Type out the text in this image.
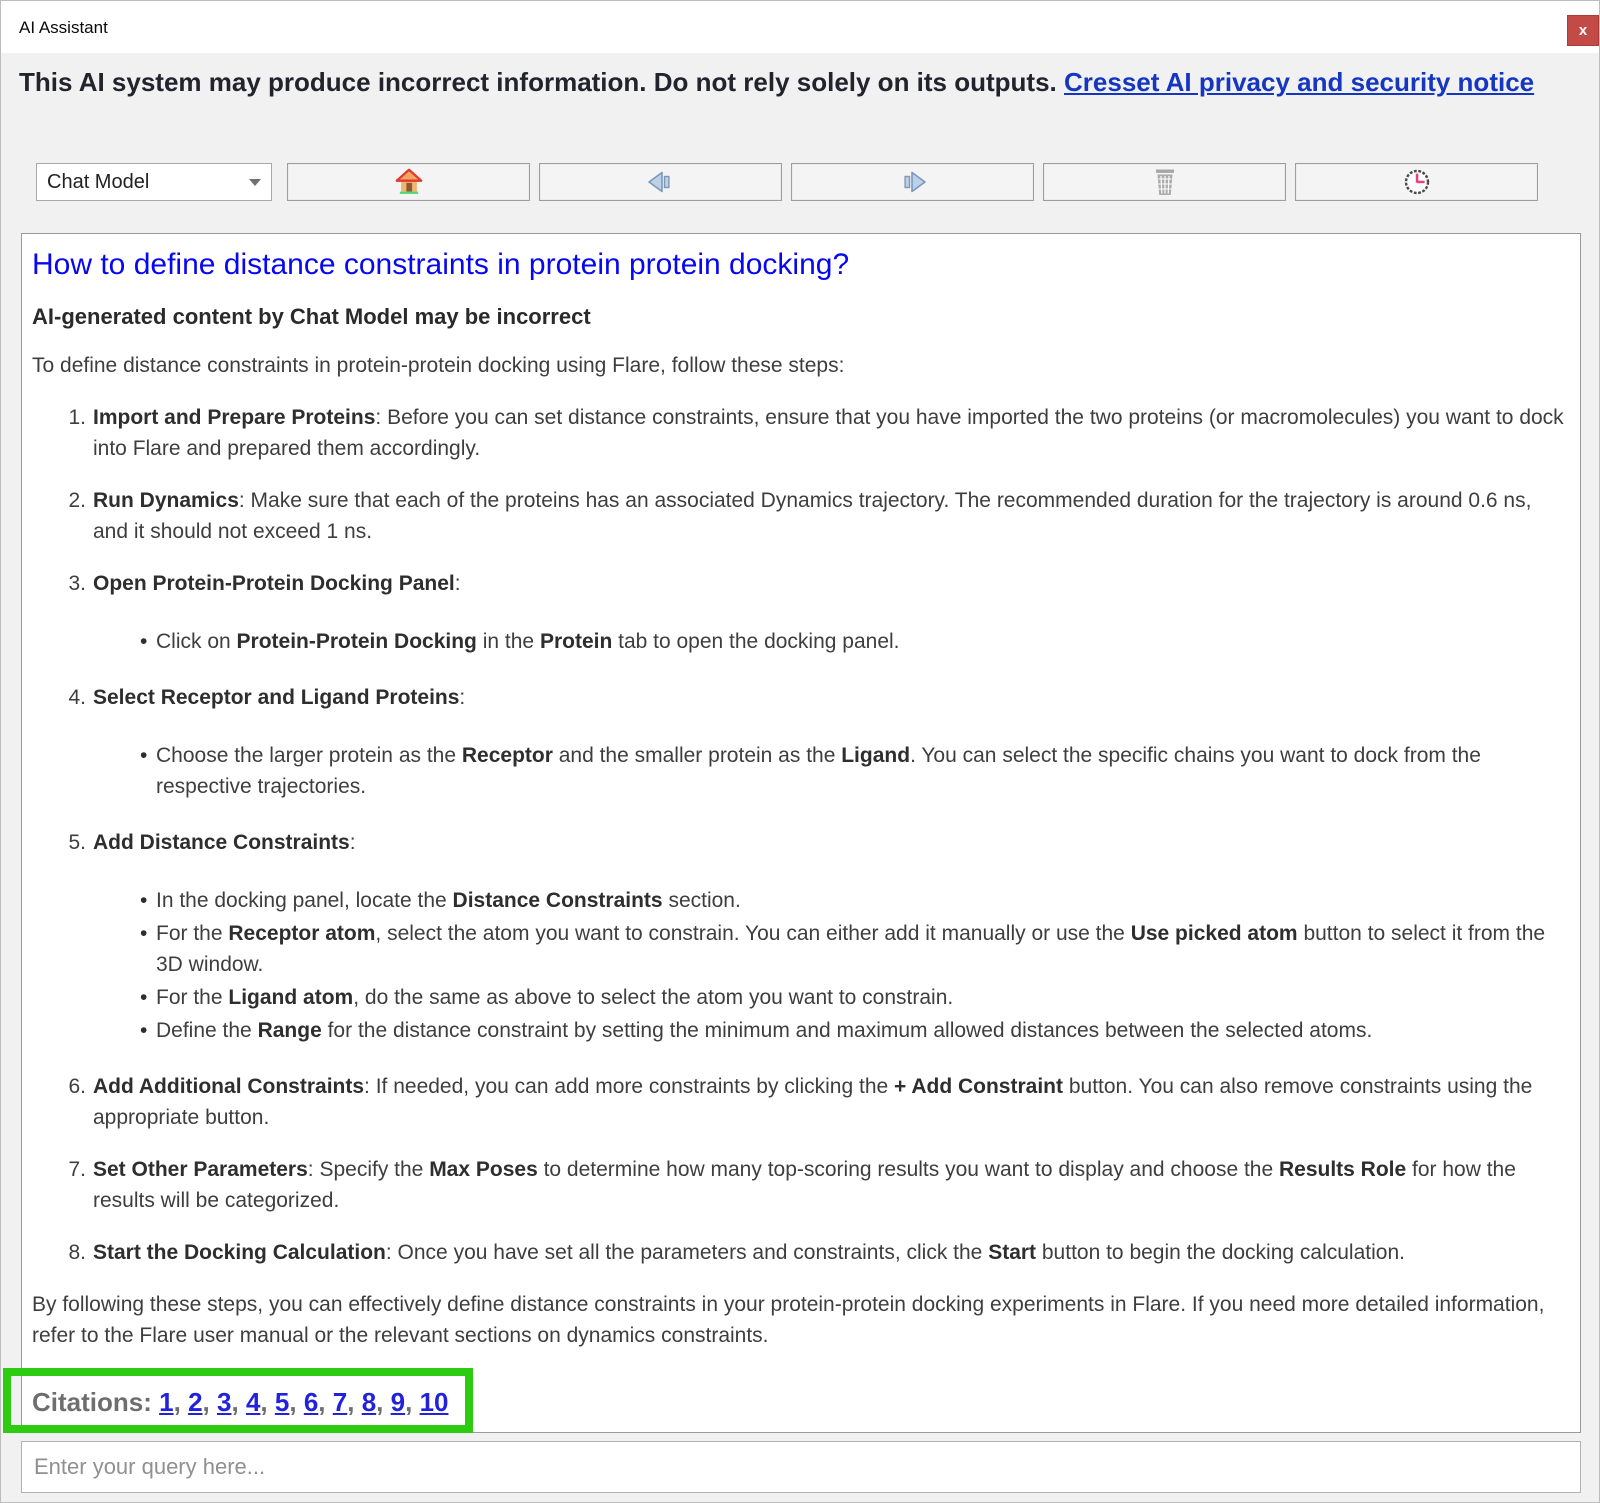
AI Assistant	x
This AI system may produce incorrect information. Do not rely solely on its outputs. Cresset AI privacy and security notice
Chat Model
How to define distance constraints in protein protein docking?
AI-generated content by Chat Model may be incorrect
To define distance constraints in protein-protein docking using Flare, follow these steps:
1. Import and Prepare Proteins: Before you can set distance constraints, ensure that you have imported the two proteins (or macromolecules) you want to dock into Flare and prepared them accordingly.
2. Run Dynamics: Make sure that each of the proteins has an associated Dynamics trajectory. The recommended duration for the trajectory is around 0.6 ns, and it should not exceed 1 ns.
3. Open Protein-Protein Docking Panel:
• Click on Protein-Protein Docking in the Protein tab to open the docking panel.
4. Select Receptor and Ligand Proteins:
• Choose the larger protein as the Receptor and the smaller protein as the Ligand. You can select the specific chains you want to dock from the respective trajectories.
5. Add Distance Constraints:
• In the docking panel, locate the Distance Constraints section.
• For the Receptor atom, select the atom you want to constrain. You can either add it manually or use the Use picked atom button to select it from the 3D window.
• For the Ligand atom, do the same as above to select the atom you want to constrain.
• Define the Range for the distance constraint by setting the minimum and maximum allowed distances between the selected atoms.
6. Add Additional Constraints: If needed, you can add more constraints by clicking the + Add Constraint button. You can also remove constraints using the appropriate button.
7. Set Other Parameters: Specify the Max Poses to determine how many top-scoring results you want to display and choose the Results Role for how the results will be categorized.
8. Start the Docking Calculation: Once you have set all the parameters and constraints, click the Start button to begin the docking calculation.
By following these steps, you can effectively define distance constraints in your protein-protein docking experiments in Flare. If you need more detailed information, refer to the Flare user manual or the relevant sections on dynamics constraints.
Citations: 1, 2, 3, 4, 5, 6, 7, 8, 9, 10
Enter your query here...
